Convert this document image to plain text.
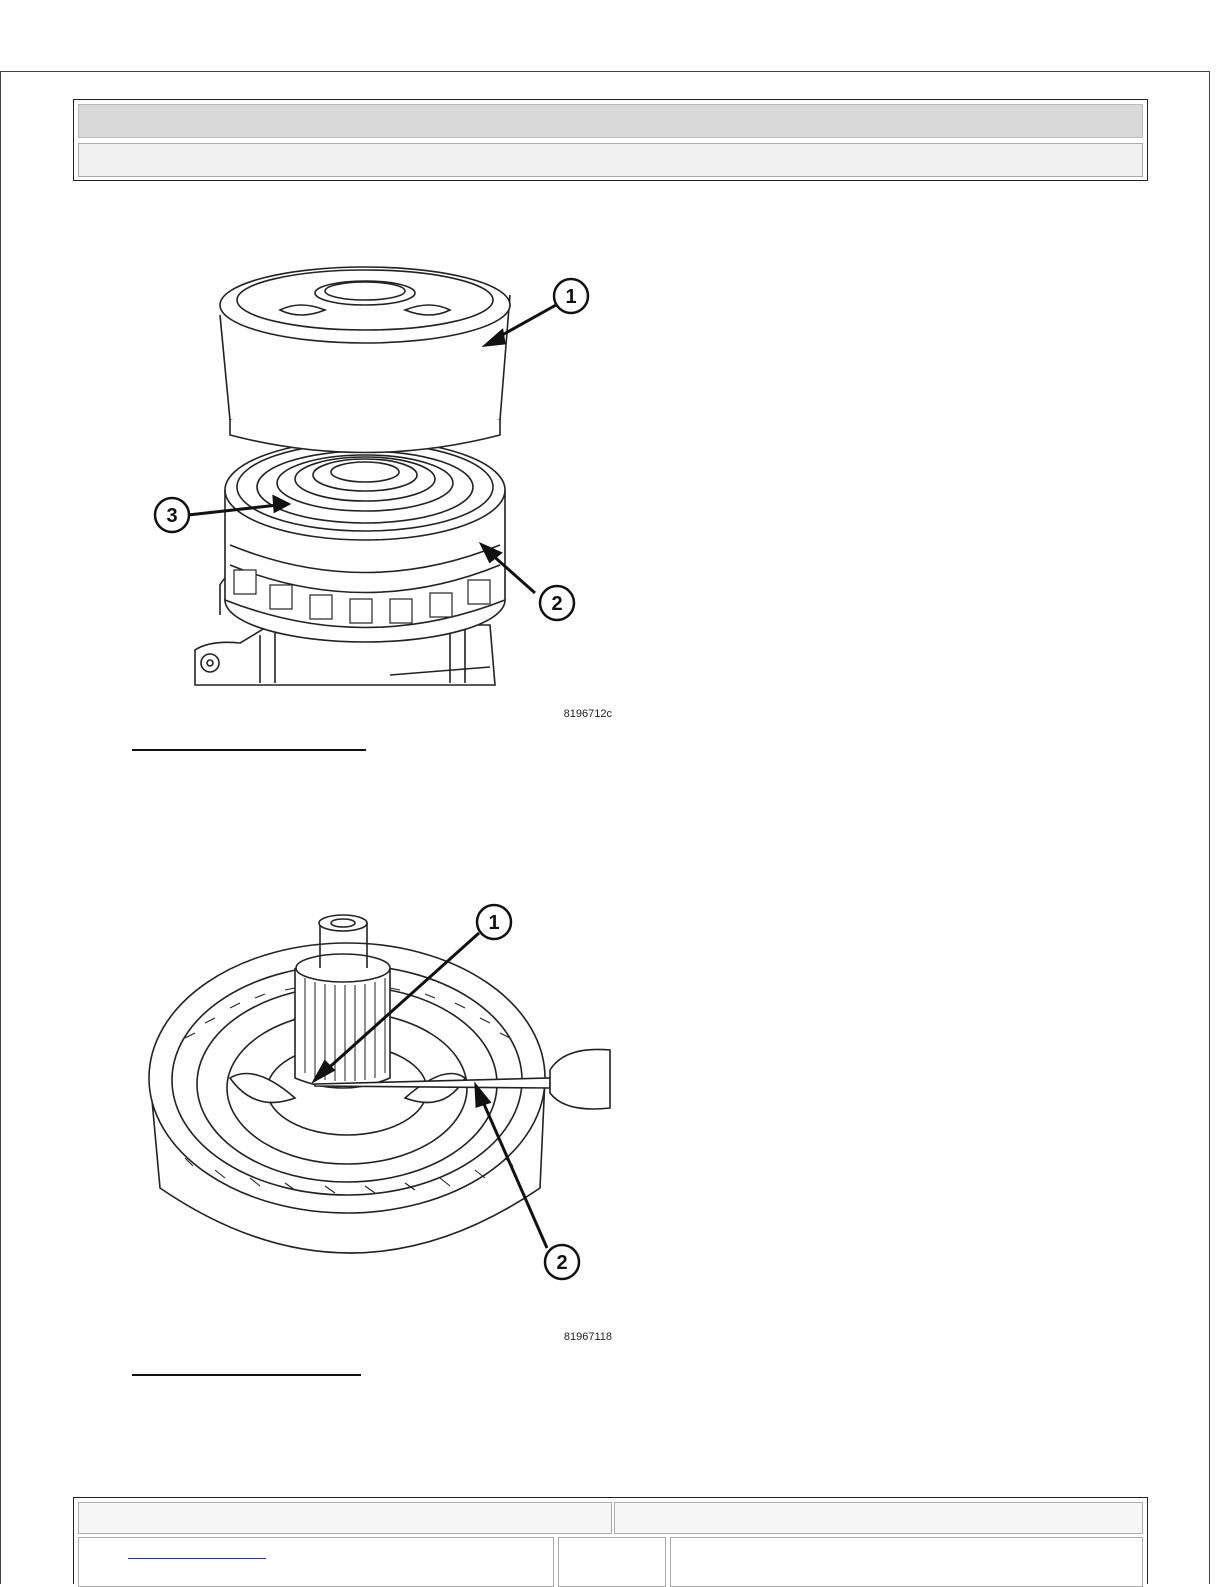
1
2
3
8196712c
1
2
81967118
